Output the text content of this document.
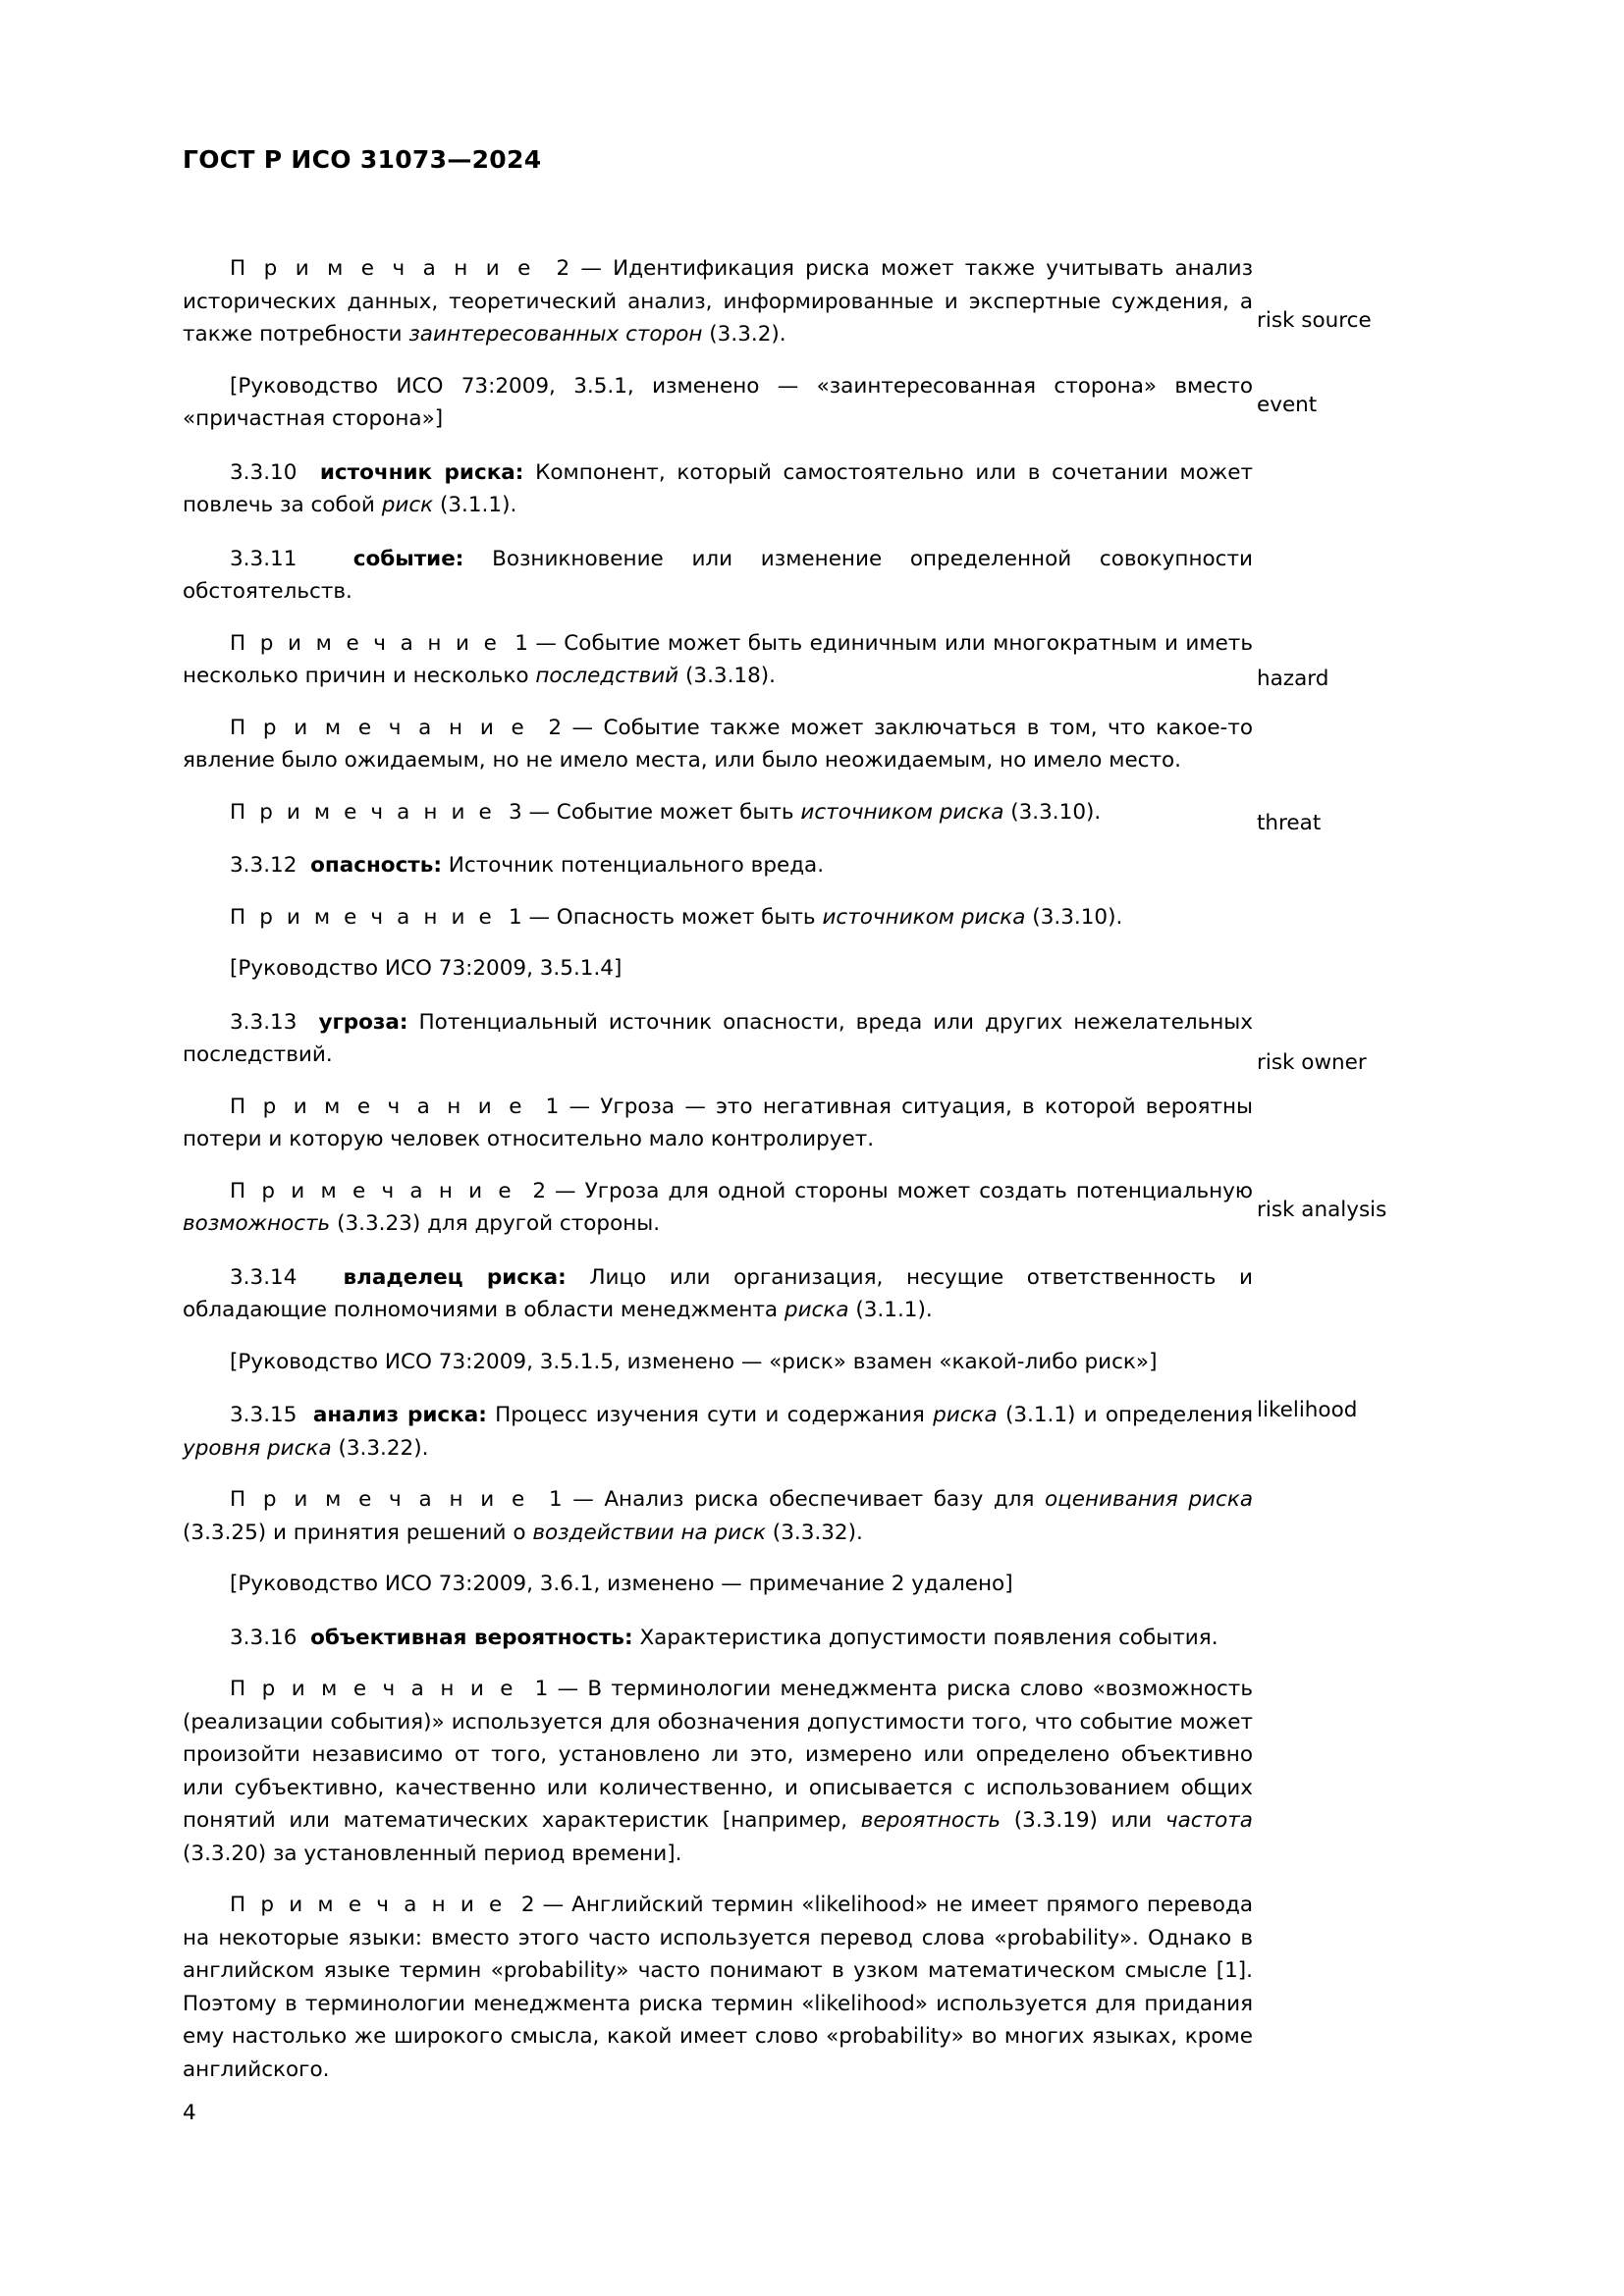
ГОСТ Р ИСО 31073—2024

П р и м е ч а н и е 2 — Идентификация риска может также учитывать анализ исторических данных, теоретический анализ, информированные и экспертные суждения, а также потребности заинтересованных сторон (3.3.2).

[Руководство ИСО 73:2009, 3.5.1, изменено — «заинтересованная сторона» вместо «причастная сторона»]

3.3.10 источник риска: Компонент, который самостоятельно или в сочетании может повлечь за собой риск (3.1.1).

3.3.11	событие: Возникновение или изменение определенной совокупности обстоятельств.

П р и м е ч а н и е 1 — Событие может быть единичным или многократным и иметь несколько причин и несколько последствий (3.3.18).

П р и м е ч а н и е 2 — Событие также может заключаться в том, что какое-то явление было ожидаемым, но не имело места, или было неожидаемым, но имело место.

П р и м е ч а н и е 3 — Событие может быть источником риска (3.3.10).

3.3.12 опасность: Источник потенциального вреда.

П р и м е ч а н и е 1 — Опасность может быть источником риска (3.3.10).

[Руководство ИСО 73:2009, 3.5.1.4]

3.3.13 угроза: Потенциальный источник опасности, вреда или других нежелательных последствий.

П р и м е ч а н и е 1 — Угроза — это негативная ситуация, в которой вероятны потери и которую человек относительно мало контролирует.

П р и м е ч а н и е 2 — Угроза для одной стороны может создать потенциальную возможность (3.3.23) для другой стороны.

3.3.14 владелец риска: Лицо или организация, несущие ответственность и обладающие полномочиями в области менеджмента риска (3.1.1).

[Руководство ИСО 73:2009, 3.5.1.5, изменено — «риск» взамен «какой-либо риск»]

3.3.15 анализ риска: Процесс изучения сути и содержания риска (3.1.1) и определения уровня риска (3.3.22).

П р и м е ч а н и е 1 — Анализ риска обеспечивает базу для оценивания риска (3.3.25) и принятия решений о воздействии на риск (3.3.32).

[Руководство ИСО 73:2009, 3.6.1, изменено — примечание 2 удалено]

3.3.16 объективная вероятность: Характеристика допустимости появления события.

П р и м е ч а н и е 1 — В терминологии менеджмента риска слово «возможность (реализации события)» используется для обозначения допустимости того, что событие может произойти независимо от того, установлено ли это, измерено или определено объективно или субъективно, качественно или количественно, и описывается с использованием общих понятий или математических характеристик [например, вероятность (3.3.19) или частота (3.3.20) за установленный период времени].

П р и м е ч а н и е 2 — Английский термин «likelihood» не имеет прямого перевода на некоторые языки: вместо этого часто используется перевод слова «probability». Однако в английском языке термин «probability» часто понимают в узком математическом смысле [1]. Поэтому в терминологии менеджмента риска термин «likelihood» используется для придания ему настолько же широкого смысла, какой имеет слово «probability» во многих языках, кроме английского.

risk source
event
hazard
threat
risk owner
risk analysis
likelihood
4
